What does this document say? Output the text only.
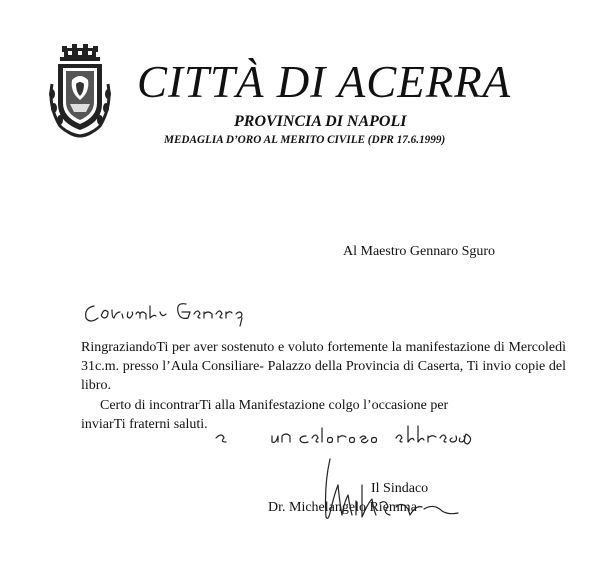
CITTÀ DI ACERRA
PROVINCIA DI NAPOLI
MEDAGLIA D’ORO AL MERITO CIVILE (DPR 17.6.1999)
Al Maestro Gennaro Sguro

RingraziandoTi per aver sostenuto e voluto fortemente la manifestazione di Mercoledì 31c.m. presso l’Aula Consiliare- Palazzo della Provincia di Caserta, Ti invio copie del libro.

Certo di incontrarTi alla Manifestazione colgo l’occasione per
inviarTi fraterni saluti.

Il Sindaco
Dr. Michelangelo Riemma
